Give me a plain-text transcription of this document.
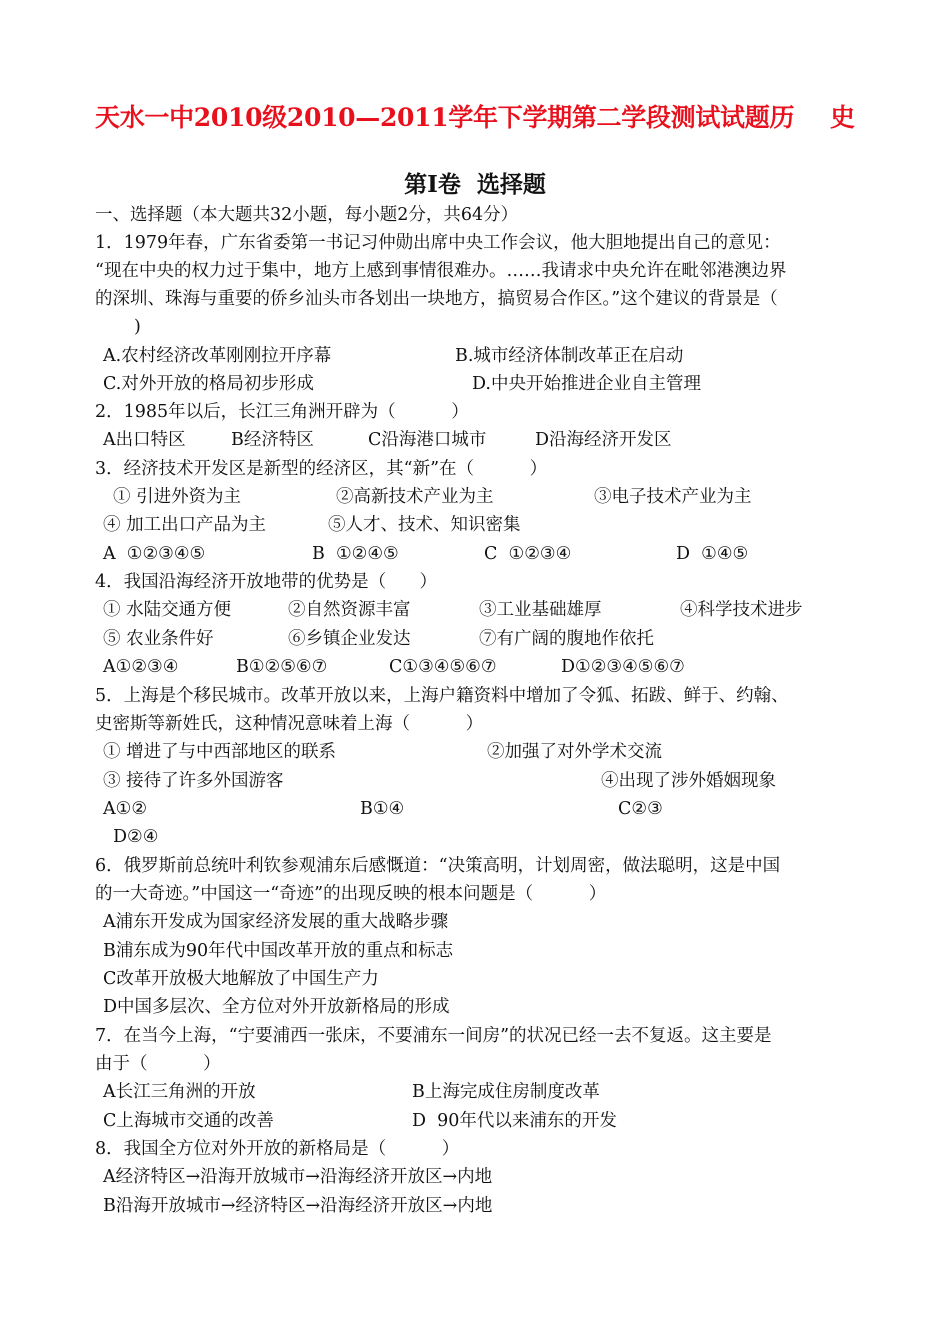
天水一中2010级2010—2011学年下学期第二学段测试试题历 史
第Ⅰ卷  选择题
一、选择题（本大题共32小题，每小题2分，共64分）
1．1979年春，广东省委第一书记习仲勋出席中央工作会议，他大胆地提出自己的意见：
“现在中央的权力过于集中，地方上感到事情很难办。……我请求中央允许在毗邻港澳边界
的深圳、珠海与重要的侨乡汕头市各划出一块地方，搞贸易合作区。”这个建议的背景是（
)
A.农村经济改革刚刚拉开序幕	B.城市经济体制改革正在启动
C.对外开放的格局初步形成	D.中央开始推进企业自主管理
2．1985年以后，长江三角洲开辟为（          ）
A出口特区	B经济特区	C沿海港口城市	D沿海经济开发区
3．经济技术开发区是新型的经济区，其“新”在（          ）
① 引进外资为主	②高新技术产业为主	③电子技术产业为主
④ 加工出口产品为主	⑤人才、技术、知识密集
A  ①②③④⑤	B  ①②④⑤	C  ①②③④	D  ①④⑤
4．我国沿海经济开放地带的优势是（      ）
① 水陆交通方便	②自然资源丰富	③工业基础雄厚	④科学技术进步
⑤ 农业条件好	⑥乡镇企业发达	⑦有广阔的腹地作依托
A①②③④	B①②⑤⑥⑦	C①③④⑤⑥⑦	D①②③④⑤⑥⑦
5．上海是个移民城市。改革开放以来，上海户籍资料中增加了令狐、拓跋、鲜于、约翰、
史密斯等新姓氏，这种情况意味着上海（          ）
① 增进了与中西部地区的联系	②加强了对外学术交流
③ 接待了许多外国游客	④出现了涉外婚姻现象
A①②	B①④	C②③
D②④
6．俄罗斯前总统叶利钦参观浦东后感慨道：“决策高明，计划周密，做法聪明，这是中国
的一大奇迹。”中国这一“奇迹”的出现反映的根本问题是（          ）
A浦东开发成为国家经济发展的重大战略步骤
B浦东成为90年代中国改革开放的重点和标志
C改革开放极大地解放了中国生产力
D中国多层次、全方位对外开放新格局的形成
7．在当今上海，“宁要浦西一张床，不要浦东一间房”的状况已经一去不复返。这主要是
由于（          ）
A长江三角洲的开放	B上海完成住房制度改革
C上海城市交通的改善	D  90年代以来浦东的开发
8．我国全方位对外开放的新格局是（          ）
A经济特区→沿海开放城市→沿海经济开放区→内地
B沿海开放城市→经济特区→沿海经济开放区→内地
